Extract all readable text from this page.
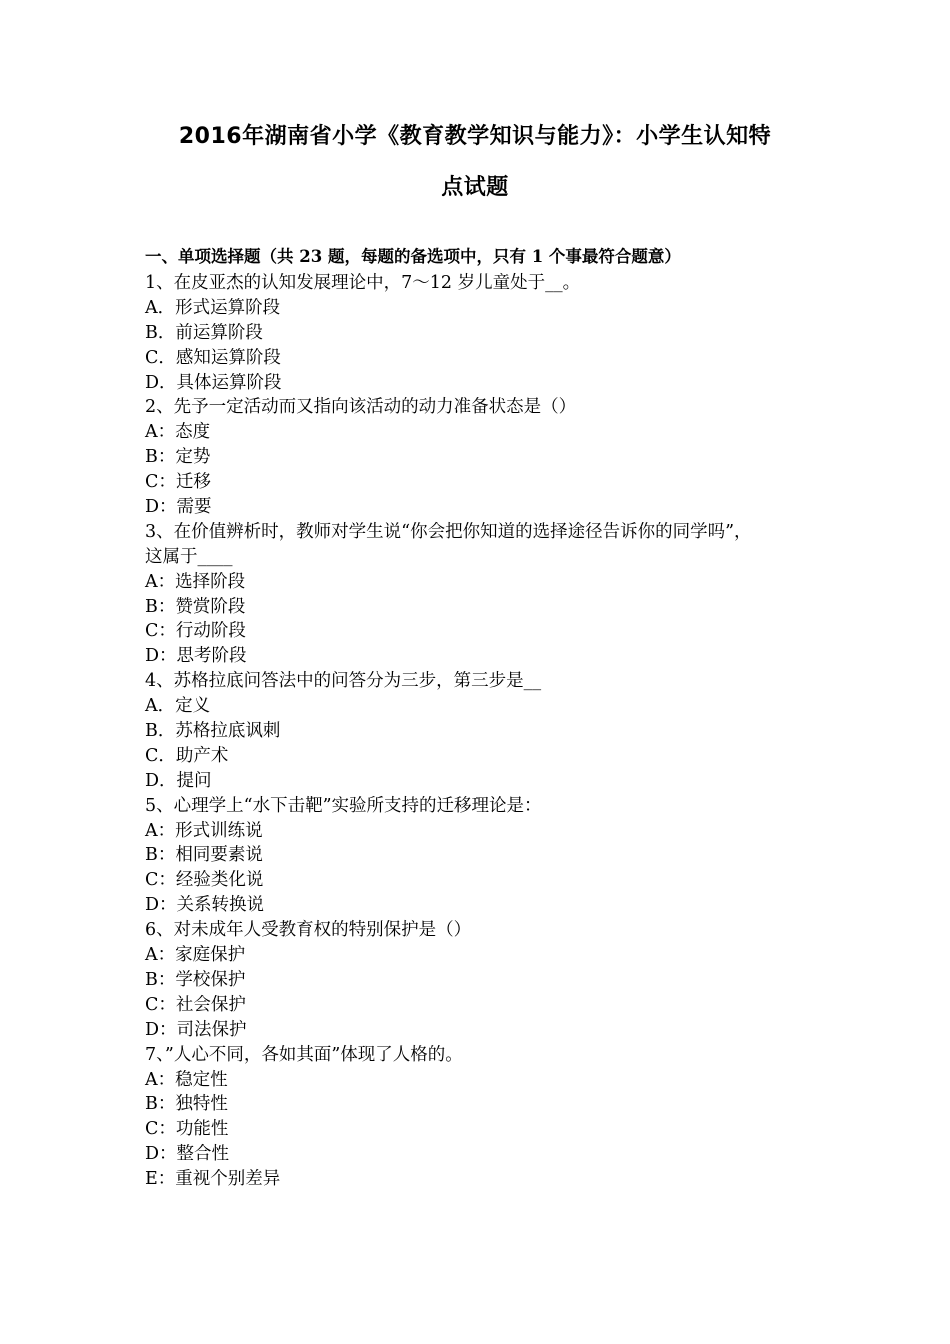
2016年湖南省小学《教育教学知识与能力》：小学生认知特
点试题
一、单项选择题（共 23 题，每题的备选项中，只有 1 个事最符合题意）
1、在皮亚杰的认知发展理论中，7～12 岁儿童处于__。
A．形式运算阶段
B．前运算阶段
C．感知运算阶段
D．具体运算阶段
2、先予一定活动而又指向该活动的动力准备状态是（）
A：态度
B：定势
C：迁移
D：需要
3、在价值辨析时，教师对学生说“你会把你知道的选择途径告诉你的同学吗”，
这属于____
A：选择阶段
B：赞赏阶段
C：行动阶段
D：思考阶段
4、苏格拉底问答法中的问答分为三步，第三步是__
A．定义
B．苏格拉底讽刺
C．助产术
D．提问
5、心理学上“水下击靶”实验所支持的迁移理论是：
A：形式训练说
B：相同要素说
C：经验类化说
D：关系转换说
6、对未成年人受教育权的特别保护是（）
A：家庭保护
B：学校保护
C：社会保护
D：司法保护
7、”人心不同，各如其面”体现了人格的。
A：稳定性
B：独特性
C：功能性
D：整合性
E：重视个别差异
